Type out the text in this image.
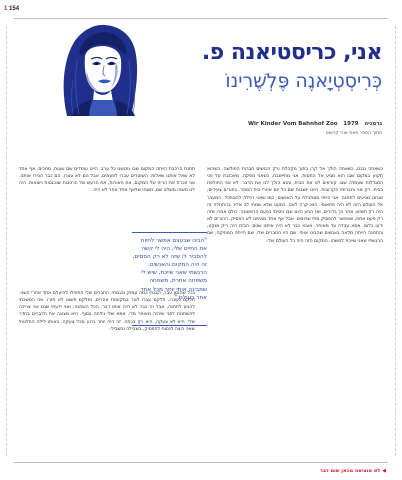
1 154
אני, כריסטיאנה פ.
כְּרִיסְטְיָאנֶה פֶּלְשֶׁרִינוֹ
גרמניה 1979 Wir Kinder Vom Bahnhof Zoo
מתוך הספר מאת אורי קראוס
כשאתה נכנס, כשאתה הולך אל קרן בתוך מקהלת ורק הכושים חברות החולשה. כשהוא תקוע במקום שבו הוא מגיע אל החסות, אני מתיישבת, כשאני מפקח, מאכזבת על פני המגדלות שעמדה שם. קוראים לנו את הבית, והוא הולך לנו את הדבר. לא אני החולפת בבית. רק אני וחברותי הקרובות. היינו יושבות שם כל יום אחרי בית הספר. בחורים צעירים, אנחנו מגיעים לתחנה. אני הייתי מסתכלת על האנשים, כמו שאני רגילה להסתכל. המעבר אל העולם הזה לא היה פתאומי. הוא קרה לאט. כמעט שלא שמתי לב אליו. בהתחלה זה היה רק חשיש, אחר כך כדורים, ואז הגיע היום שבו ניסיתי בפעם הראשונה. כולם אמרו שזה רק פעם אחת, שאפשר להפסיק מתי שרוצים. אבל אף אחד מאיתנו לא הפסיק. ההורים לא ידעו כלום. אמא עבדה עד מאוחר, ואבא כבר לא היה איתנו שנים. הבית היה ריק ושקט, והתחנה הייתה מלאה באנשים שהבינו אותי. שם היו החברים שלי, שם הייתה המוזיקה, שם הרגשתי שאני שייכת למשהו. המקום הזה היה כל העולם שלי.
תחנת הרכבת הייתה המקום שבו נפגשנו כל ערב. היינו עומדים שם שעות, מחכים. אף אחד לא שאל אותנו שאלות. השוטרים עברו לפעמים, אבל הם לא עצרו. הם כבר הכירו אותנו. אני זוכרת את הריח של המקום, את האורות, את הרעש של הרכבות שנכנסות ויוצאות. היה לנו משהו משלנו שם, משהו שלאף אחד אחר לא היה.
"הבינו שבעצם אפשר לחיות את החיים שלי, היה לי קשה להסביר לו שזה לא רק הסמים, זה היה המקום והאנשים. הרגשתי שאני שייכת, שיש לי משפחה אחרת, משפחה שמבינה אותי יותר מכל אחד אחר בעולם."
ככל שהזמן עבר, הבנתי כמה עמוק נכנסתי. החברים שלי התחילו להיעלם אחד אחרי השני. חלקם נעצרו, חלקם עברו לגור במקומות אחרים, וחלקם פשוט לא חזרו. אני המשכתי להגיע לתחנה, אבל זה כבר לא היה אותו דבר. הכל השתנה, ואני ידעתי שגם אני צריכה להשתנות לפני שיהיה מאוחר מדי. אמא שלי גילתה בסוף. היא מצאה את הדברים בחדר שלי. היא לא צעקה, היא רק בכתה. זה היה יותר גרוע מכל צעקה. באותו לילה החלטתי שאני רוצה לנסות להפסיק, בשבילה ובשבילי.
◀ לא מוציאה מכאן שום דבר
